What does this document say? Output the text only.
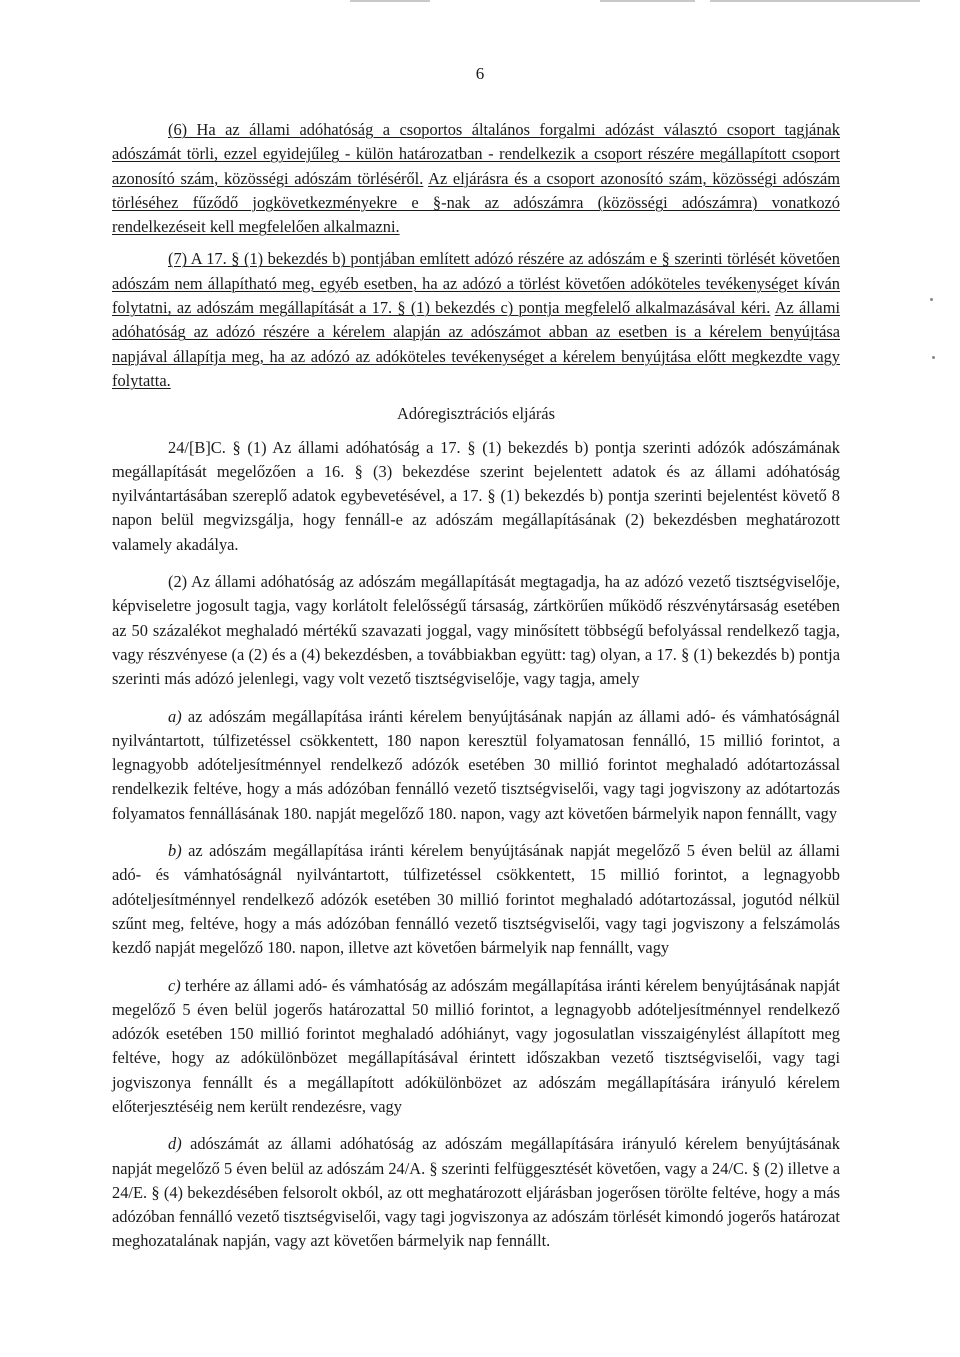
6

(6) Ha az állami adóhatóság a csoportos általános forgalmi adózást választó csoport tagjának adószámát törli, ezzel egyidejűleg - külön határozatban - rendelkezik a csoport részére megállapított csoport azonosító szám, közösségi adószám törléséről. Az eljárásra és a csoport azonosító szám, közösségi adószám törléséhez fűződő jogkövetkezményekre e §-nak az adószámra (közösségi adószámra) vonatkozó rendelkezéseit kell megfelelően alkalmazni.

(7) A 17. § (1) bekezdés b) pontjában említett adózó részére az adószám e § szerinti törlését követően adószám nem állapítható meg, egyéb esetben, ha az adózó a törlést követően adóköteles tevékenységet kíván folytatni, az adószám megállapítását a 17. § (1) bekezdés c) pontja megfelelő alkalmazásával kéri. Az állami adóhatóság az adózó részére a kérelem alapján az adószámot abban az esetben is a kérelem benyújtása napjával állapítja meg, ha az adózó az adóköteles tevékenységet a kérelem benyújtása előtt megkezdte vagy folytatta.

Adóregisztrációs eljárás

24/[B]C. § (1) Az állami adóhatóság a 17. § (1) bekezdés b) pontja szerinti adózók adószámának megállapítását megelőzően a 16. § (3) bekezdése szerint bejelentett adatok és az állami adóhatóság nyilvántartásában szereplő adatok egybevetésével, a 17. § (1) bekezdés b) pontja szerinti bejelentést követő 8 napon belül megvizsgálja, hogy fennáll-e az adószám megállapításának (2) bekezdésben meghatározott valamely akadálya.

(2) Az állami adóhatóság az adószám megállapítását megtagadja, ha az adózó vezető tisztségviselője, képviseletre jogosult tagja, vagy korlátolt felelősségű társaság, zártkörűen működő részvénytársaság esetében az 50 százalékot meghaladó mértékű szavazati joggal, vagy minősített többségű befolyással rendelkező tagja, vagy részvényese (a (2) és a (4) bekezdésben, a továbbiakban együtt: tag) olyan, a 17. § (1) bekezdés b) pontja szerinti más adózó jelenlegi, vagy volt vezető tisztségviselője, vagy tagja, amely

a) az adószám megállapítása iránti kérelem benyújtásának napján az állami adó- és vámhatóságnál nyilvántartott, túlfizetéssel csökkentett, 180 napon keresztül folyamatosan fennálló, 15 millió forintot, a legnagyobb adóteljesítménnyel rendelkező adózók esetében 30 millió forintot meghaladó adótartozással rendelkezik feltéve, hogy a más adózóban fennálló vezető tisztségviselői, vagy tagi jogviszony az adótartozás folyamatos fennállásának 180. napját megelőző 180. napon, vagy azt követően bármelyik napon fennállt, vagy

b) az adószám megállapítása iránti kérelem benyújtásának napját megelőző 5 éven belül az állami adó- és vámhatóságnál nyilvántartott, túlfizetéssel csökkentett, 15 millió forintot, a legnagyobb adóteljesítménnyel rendelkező adózók esetében 30 millió forintot meghaladó adótartozással, jogutód nélkül szűnt meg, feltéve, hogy a más adózóban fennálló vezető tisztségviselői, vagy tagi jogviszony a felszámolás kezdő napját megelőző 180. napon, illetve azt követően bármelyik nap fennállt, vagy

c) terhére az állami adó- és vámhatóság az adószám megállapítása iránti kérelem benyújtásának napját megelőző 5 éven belül jogerős határozattal 50 millió forintot, a legnagyobb adóteljesítménnyel rendelkező adózók esetében 150 millió forintot meghaladó adóhiányt, vagy jogosulatlan visszaigénylést állapított meg feltéve, hogy az adókülönbözet megállapításával érintett időszakban vezető tisztségviselői, vagy tagi jogviszonya fennállt és a megállapított adókülönbözet az adószám megállapítására irányuló kérelem előterjesztéséig nem került rendezésre, vagy

d) adószámát az állami adóhatóság az adószám megállapítására irányuló kérelem benyújtásának napját megelőző 5 éven belül az adószám 24/A. § szerinti felfüggesztését követően, vagy a 24/C. § (2) illetve a 24/E. § (4) bekezdésében felsorolt okból, az ott meghatározott eljárásban jogerősen törölte feltéve, hogy a más adózóban fennálló vezető tisztségviselői, vagy tagi jogviszonya az adószám törlését kimondó jogerős határozat meghozatalának napján, vagy azt követően bármelyik nap fennállt.
